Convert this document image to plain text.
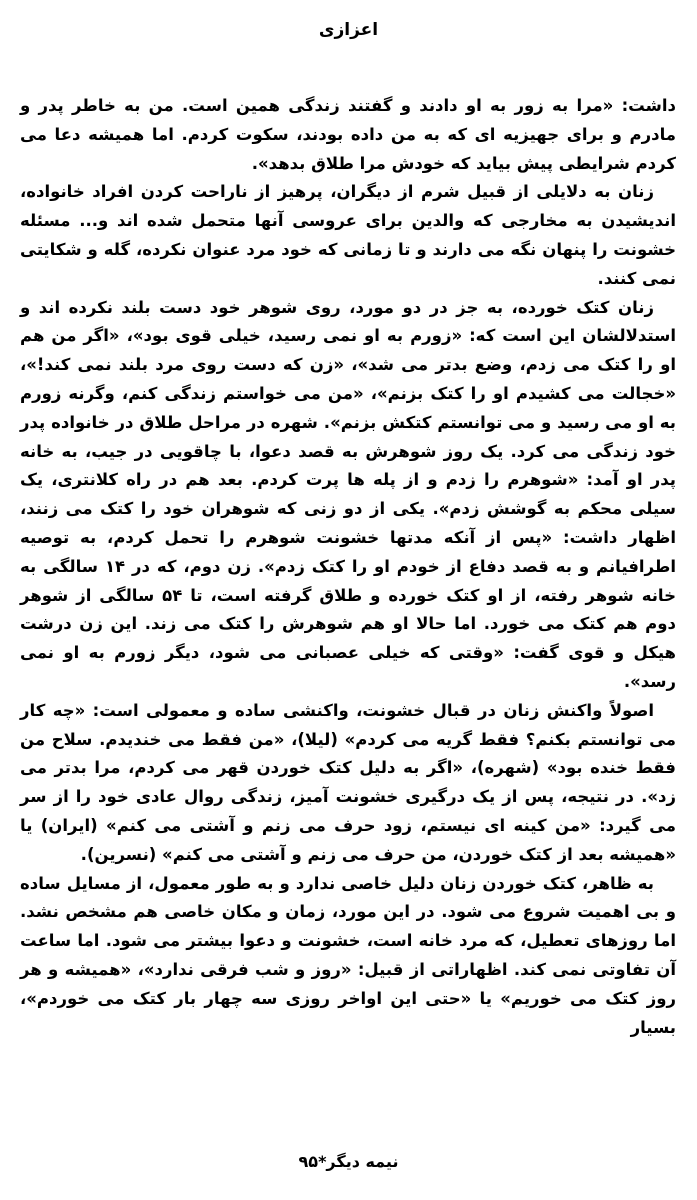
اعزازی

داشت: «مرا به زور به او دادند و گفتند زندگی همین است. من به خاطر پدر و مادرم و برای جهیزیه ای که به من داده بودند، سکوت کردم. اما همیشه دعا می کردم شرایطی پیش بیاید که خودش مرا طلاق بدهد».

زنان به دلایلی از قبیل شرم از دیگران، پرهیز از ناراحت کردن افراد خانواده، اندیشیدن به مخارجی که والدین برای عروسی آنها متحمل شده اند و... مسئله خشونت را پنهان نگه می دارند و تا زمانی که خود مرد عنوان نکرده، گله و شکایتی نمی کنند.

زنان کتک خورده، به جز در دو مورد، روی شوهر خود دست بلند نکرده اند و استدلالشان این است که: «زورم به او نمی رسید، خیلی قوی بود»، «اگر من هم او را کتک می زدم، وضع بدتر می شد»، «زن که دست روی مرد بلند نمی کند!»، «خجالت می کشیدم او را کتک بزنم»، «من می خواستم زندگی کنم، وگرنه زورم به او می رسید و می توانستم کتکش بزنم». شهره در مراحل طلاق در خانواده پدر خود زندگی می کرد. یک روز شوهرش به قصد دعوا، با چاقویی در جیب، به خانه پدر او آمد: «شوهرم را زدم و از پله ها پرت کردم. بعد هم در راه کلانتری، یک سیلی محکم به گوشش زدم». یکی از دو زنی که شوهران خود را کتک می زنند، اظهار داشت: «پس از آنکه مدتها خشونت شوهرم را تحمل کردم، به توصیه اطرافیانم و به قصد دفاع از خودم او را کتک زدم». زن دوم، که در ۱۴ سالگی به خانه شوهر رفته، از او کتک خورده و طلاق گرفته است، تا ۵۴ سالگی از شوهر دوم هم کتک می خورد. اما حالا او هم شوهرش را کتک می زند. این زن درشت هیکل و قوی گفت: «وقتی که خیلی عصبانی می شود، دیگر زورم به او نمی رسد».

اصولاً واکنش زنان در قبال خشونت، واکنشی ساده و معمولی است: «چه کار می توانستم بکنم؟ فقط گریه می کردم» (لیلا)، «من فقط می خندیدم. سلاح من فقط خنده بود» (شهره)، «اگر به دلیل کتک خوردن قهر می کردم، مرا بدتر می زد». در نتیجه، پس از یک درگیری خشونت آمیز، زندگی روال عادی خود را از سر می گیرد: «من کینه ای نیستم، زود حرف می زنم و آشتی می کنم» (ایران) یا «همیشه بعد از کتک خوردن، من حرف می زنم و آشتی می کنم» (نسرین).

به ظاهر، کتک خوردن زنان دلیل خاصی ندارد و به طور معمول، از مسایل ساده و بی اهمیت شروع می شود. در این مورد، زمان و مکان خاصی هم مشخص نشد. اما روزهای تعطیل، که مرد خانه است، خشونت و دعوا بیشتر می شود. اما ساعت آن تفاوتی نمی کند. اظهاراتی از قبیل: «روز و شب فرقی ندارد»، «همیشه و هر روز کتک می خوریم» یا «حتی این اواخر روزی سه چهار بار کتک می خوردم»، بسیار

نیمه دیگر*۹۵
